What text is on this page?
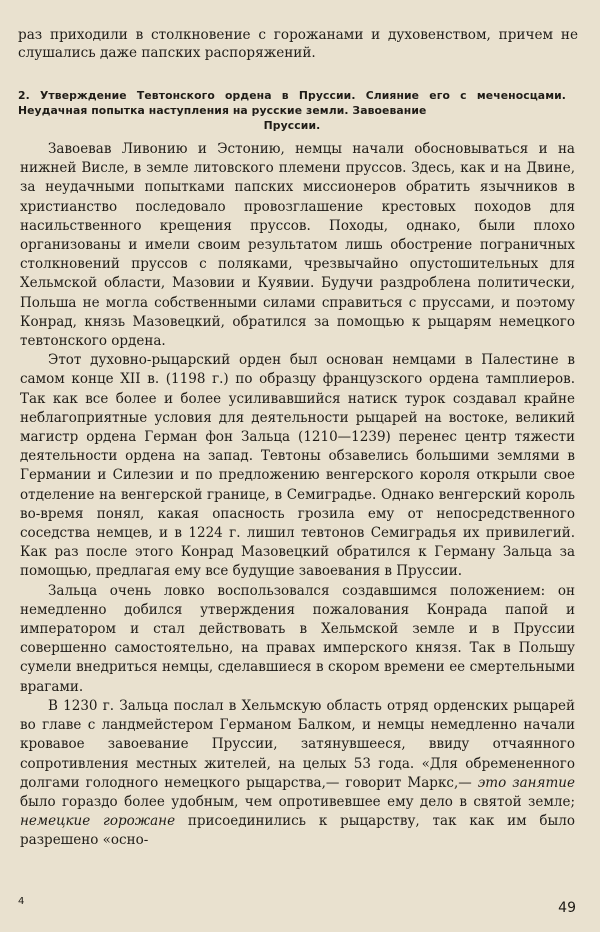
раз приходили в столкновение с горожанами и духовенством, причем не слушались даже папских распоряжений.
2. Утверждение Тевтонского ордена в Пруссии. Слияние его с меченосцами. Неудачная попытка наступления на русские земли. Завоевание
Пруссии.

Завоевав Ливонию и Эстонию, немцы начали обосновываться и на нижней Висле, в земле литовского племени пруссов. Здесь, как и на Двине, за неудачными попытками папских миссионеров обратить язычников в христианство последовало провозглашение крестовых походов для насильственного крещения пруссов. Походы, однако, были плохо организованы и имели своим результатом лишь обострение пограничных столкновений пруссов с поляками, чрезвычайно опустошительных для Хельмской области, Мазовии и Куявии. Будучи раздроблена политически, Польша не могла собственными силами справиться с пруссами, и поэтому Конрад, князь Мазовецкий, обратился за помощью к рыцарям немецкого тевтонского ордена.

Этот духовно-рыцарский орден был основан немцами в Палестине в самом конце XII в. (1198 г.) по образцу французского ордена тамплиеров. Так как все более и более усиливавшийся натиск турок создавал крайне неблагоприятные условия для деятельности рыцарей на востоке, великий магистр ордена Герман фон Зальца (1210—1239) перенес центр тяжести деятельности ордена на запад. Тевтоны обзавелись большими землями в Германии и Силезии и по предложению венгерского короля открыли свое отделение на венгерской границе, в Семиградье. Однако венгерский король во-время понял, какая опасность грозила ему от непосредственного соседства немцев, и в 1224 г. лишил тевтонов Семиградья их привилегий. Как раз после этого Конрад Мазовецкий обратился к Герману Зальца за помощью, предлагая ему все будущие завоевания в Пруссии.

Зальца очень ловко воспользовался создавшимся положением: он немедленно добился утверждения пожалования Конрада папой и императором и стал действовать в Хельмской земле и в Пруссии совершенно самостоятельно, на правах имперского князя. Так в Польшу сумели внедриться немцы, сделавшиеся в скором времени ее смертельными врагами.

В 1230 г. Зальца послал в Хельмскую область отряд орденских рыцарей во главе с ландмейстером Германом Балком, и немцы немедленно начали кровавое завоевание Пруссии, затянувшееся, ввиду отчаянного сопротивления местных жителей, на целых 53 года. «Для обремененного долгами голодного немецкого рыцарства,— говорит Маркс,— это занятие было гораздо более удобным, чем опротивевшее ему дело в святой земле; немецкие горожане присоединились к рыцарству, так как им было разрешено «осно-

4	49
